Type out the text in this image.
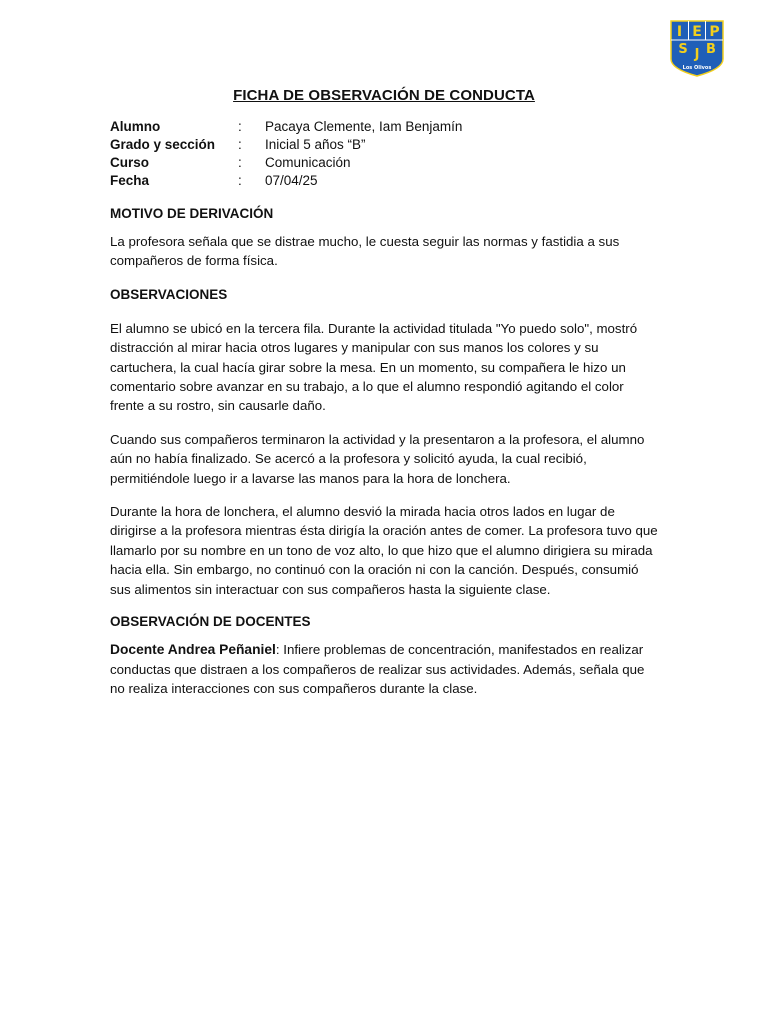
I E P
S J B
Los Olivos
FICHA DE OBSERVACIÓN DE CONDUCTA
Alumno	:	Pacaya Clemente, Iam Benjamín
Grado y sección	:	Inicial 5 años “B”
Curso	:	Comunicación
Fecha	:	07/04/25
MOTIVO DE DERIVACIÓN

La profesora señala que se distrae mucho, le cuesta seguir las normas y fastidia a sus compañeros de forma física.

OBSERVACIONES

El alumno se ubicó en la tercera fila. Durante la actividad titulada "Yo puedo solo", mostró distracción al mirar hacia otros lugares y manipular con sus manos los colores y su cartuchera, la cual hacía girar sobre la mesa. En un momento, su compañera le hizo un comentario sobre avanzar en su trabajo, a lo que el alumno respondió agitando el color frente a su rostro, sin causarle daño.

Cuando sus compañeros terminaron la actividad y la presentaron a la profesora, el alumno aún no había finalizado. Se acercó a la profesora y solicitó ayuda, la cual recibió, permitiéndole luego ir a lavarse las manos para la hora de lonchera.

Durante la hora de lonchera, el alumno desvió la mirada hacia otros lados en lugar de dirigirse a la profesora mientras ésta dirigía la oración antes de comer. La profesora tuvo que llamarlo por su nombre en un tono de voz alto, lo que hizo que el alumno dirigiera su mirada hacia ella. Sin embargo, no continuó con la oración ni con la canción. Después, consumió sus alimentos sin interactuar con sus compañeros hasta la siguiente clase.

OBSERVACIÓN DE DOCENTES

Docente Andrea Peñaniel: Infiere problemas de concentración, manifestados en realizar conductas que distraen a los compañeros de realizar sus actividades. Además, señala que no realiza interacciones con sus compañeros durante la clase.
